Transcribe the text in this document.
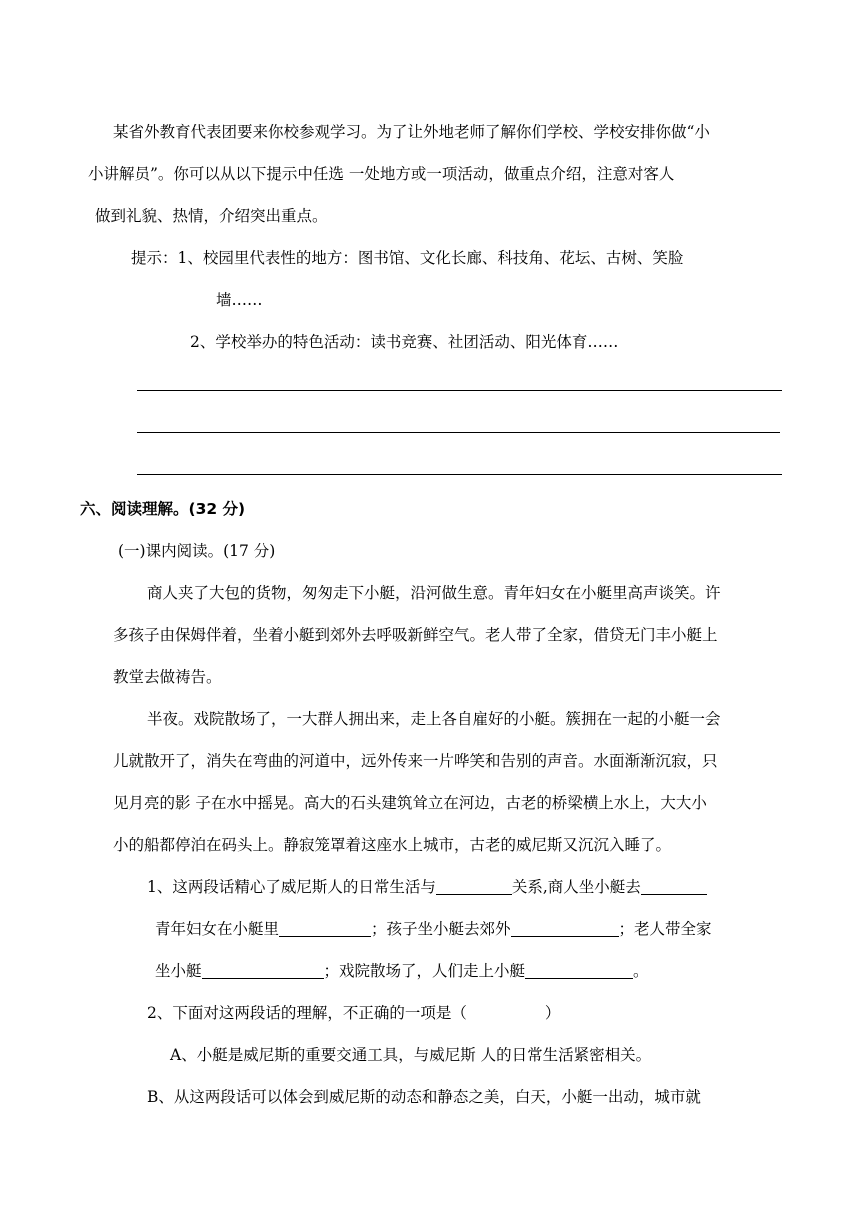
某省外教育代表团要来你校参观学习。为了让外地老师了解你们学校、学校安排你做“小
小讲解员”。你可以从以下提示中任选 一处地方或一项活动，做重点介绍，注意对客人
做到礼貌、热情，介绍突出重点。
提示：1、校园里代表性的地方：图书馆、文化长廊、科技角、花坛、古树、笑脸
墙……
2、学校举办的特色活动：读书竞赛、社团活动、阳光体育……
六、阅读理解。(32 分)
(一)课内阅读。(17 分)
商人夹了大包的货物，匆匆走下小艇，沿河做生意。青年妇女在小艇里高声谈笑。许
多孩子由保姆伴着，坐着小艇到郊外去呼吸新鲜空气。老人带了全家，借贷无门丰小艇上
教堂去做祷告。
半夜。戏院散场了，一大群人拥出来，走上各自雇好的小艇。簇拥在一起的小艇一会
儿就散开了，消失在弯曲的河道中，远外传来一片哗笑和告别的声音。水面渐渐沉寂，只
见月亮的影 子在水中摇晃。高大的石头建筑耸立在河边，古老的桥梁横上水上，大大小
小的船都停泊在码头上。静寂笼罩着这座水上城市，古老的威尼斯又沉沉入睡了。
1、这两段话精心了威尼斯人的日常生活与	关系,商人坐小艇去
青年妇女在小艇里	；孩子坐小艇去郊外	；老人带全家
坐小艇	；戏院散场了，人们走上小艇	。
2、下面对这两段话的理解，不正确的一项是（	）
A、小艇是威尼斯的重要交通工具，与威尼斯 人的日常生活紧密相关。
B、从这两段话可以体会到威尼斯的动态和静态之美，白天，小艇一出动，城市就
